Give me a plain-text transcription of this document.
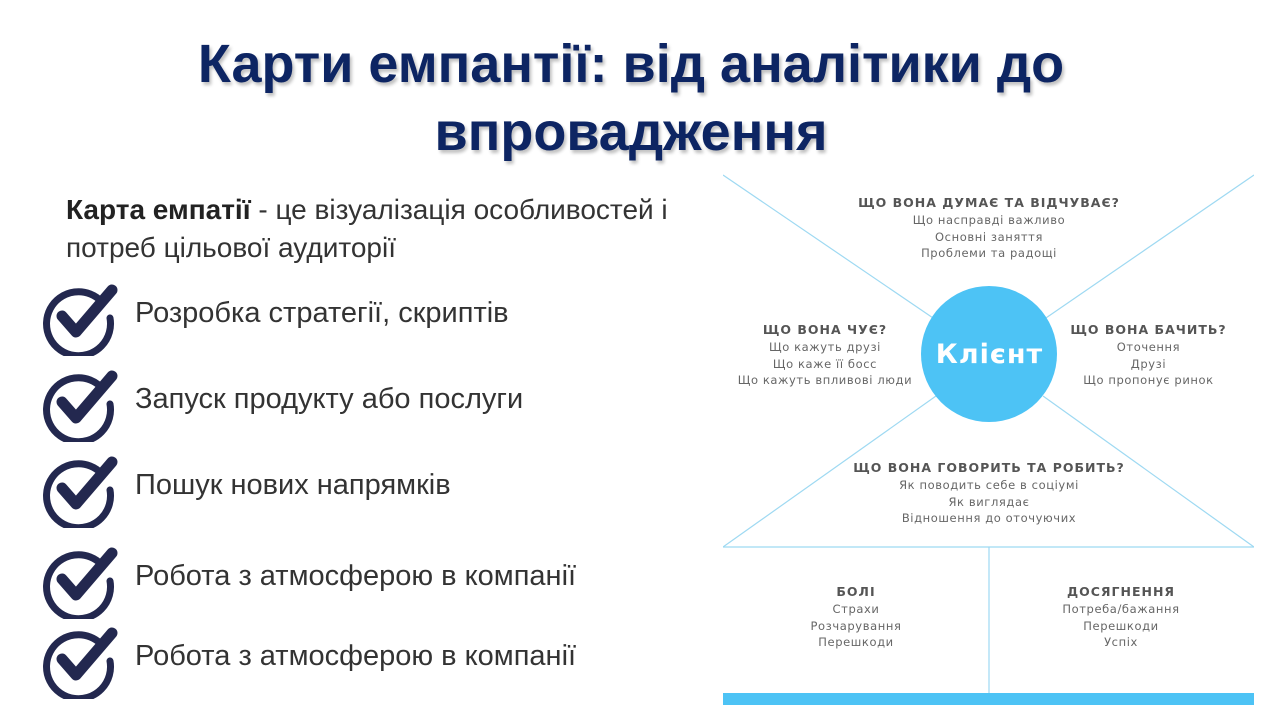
Карти емпантії: від аналітики до впровадження
Карта емпатії - це візуалізація особливостей і потреб цільової аудиторії
Розробка стратегії, скриптів
Запуск продукту або послуги
Пошук нових напрямків
Робота з атмосферою в компанії
Робота з атмосферою в компанії
Клієнт
ЩО ВОНА ДУМАЄ ТА ВІДЧУВАЄ?
Що насправді важливо
Основні заняття
Проблеми та радощі
ЩО ВОНА ЧУЄ?
Що кажуть друзі
Що каже її босс
Що кажуть впливові люди
ЩО ВОНА БАЧИТЬ?
Оточення
Друзі
Що пропонує ринок
ЩО ВОНА ГОВОРИТЬ ТА РОБИТЬ?
Як поводить себе в соціумі
Як виглядає
Відношення до оточуючих
БОЛІ
Страхи
Розчарування
Перешкоди
ДОСЯГНЕННЯ
Потреба/бажання
Перешкоди
Успіх
